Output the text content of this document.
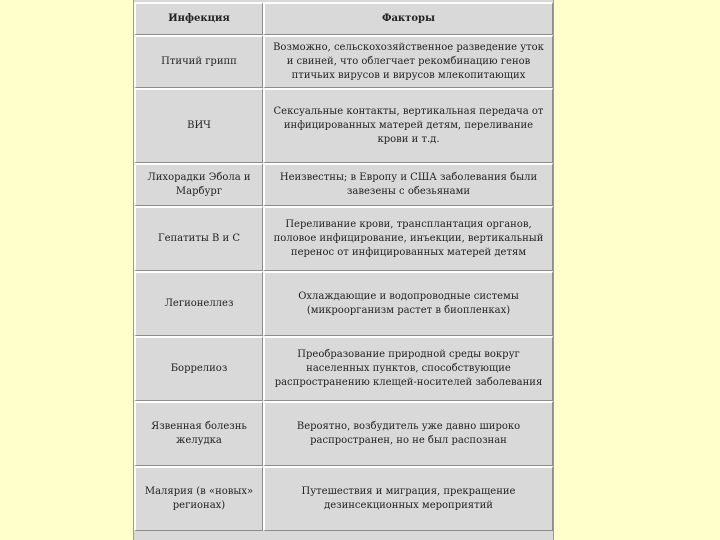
Инфекция	Факторы
Птичий грипп	Возможно, сельскохозяйственное разведение уток и свиней, что облегчает рекомбинацию генов птичьих вирусов и вирусов млекопитающих
ВИЧ	Сексуальные контакты, вертикальная передача от инфицированных матерей детям, переливание крови и т.д.
Лихорадки Эбола и Марбург	Неизвестны; в Европу и США заболевания были завезены с обезьянами
Гепатиты B и C	Переливание крови, трансплантация органов, половое инфицирование, инъекции, вертикальный перенос от инфицированных матерей детям
Легионеллез	Охлаждающие и водопроводные системы (микроорганизм растет в биопленках)
Боррелиоз	Преобразование природной среды вокруг населенных пунктов, способствующие распространению клещей-носителей заболевания
Язвенная болезнь желудка	Вероятно, возбудитель уже давно широко распространен, но не был распознан
Малярия (в «новых» регионах)	Путешествия и миграция, прекращение дезинсекционных мероприятий
